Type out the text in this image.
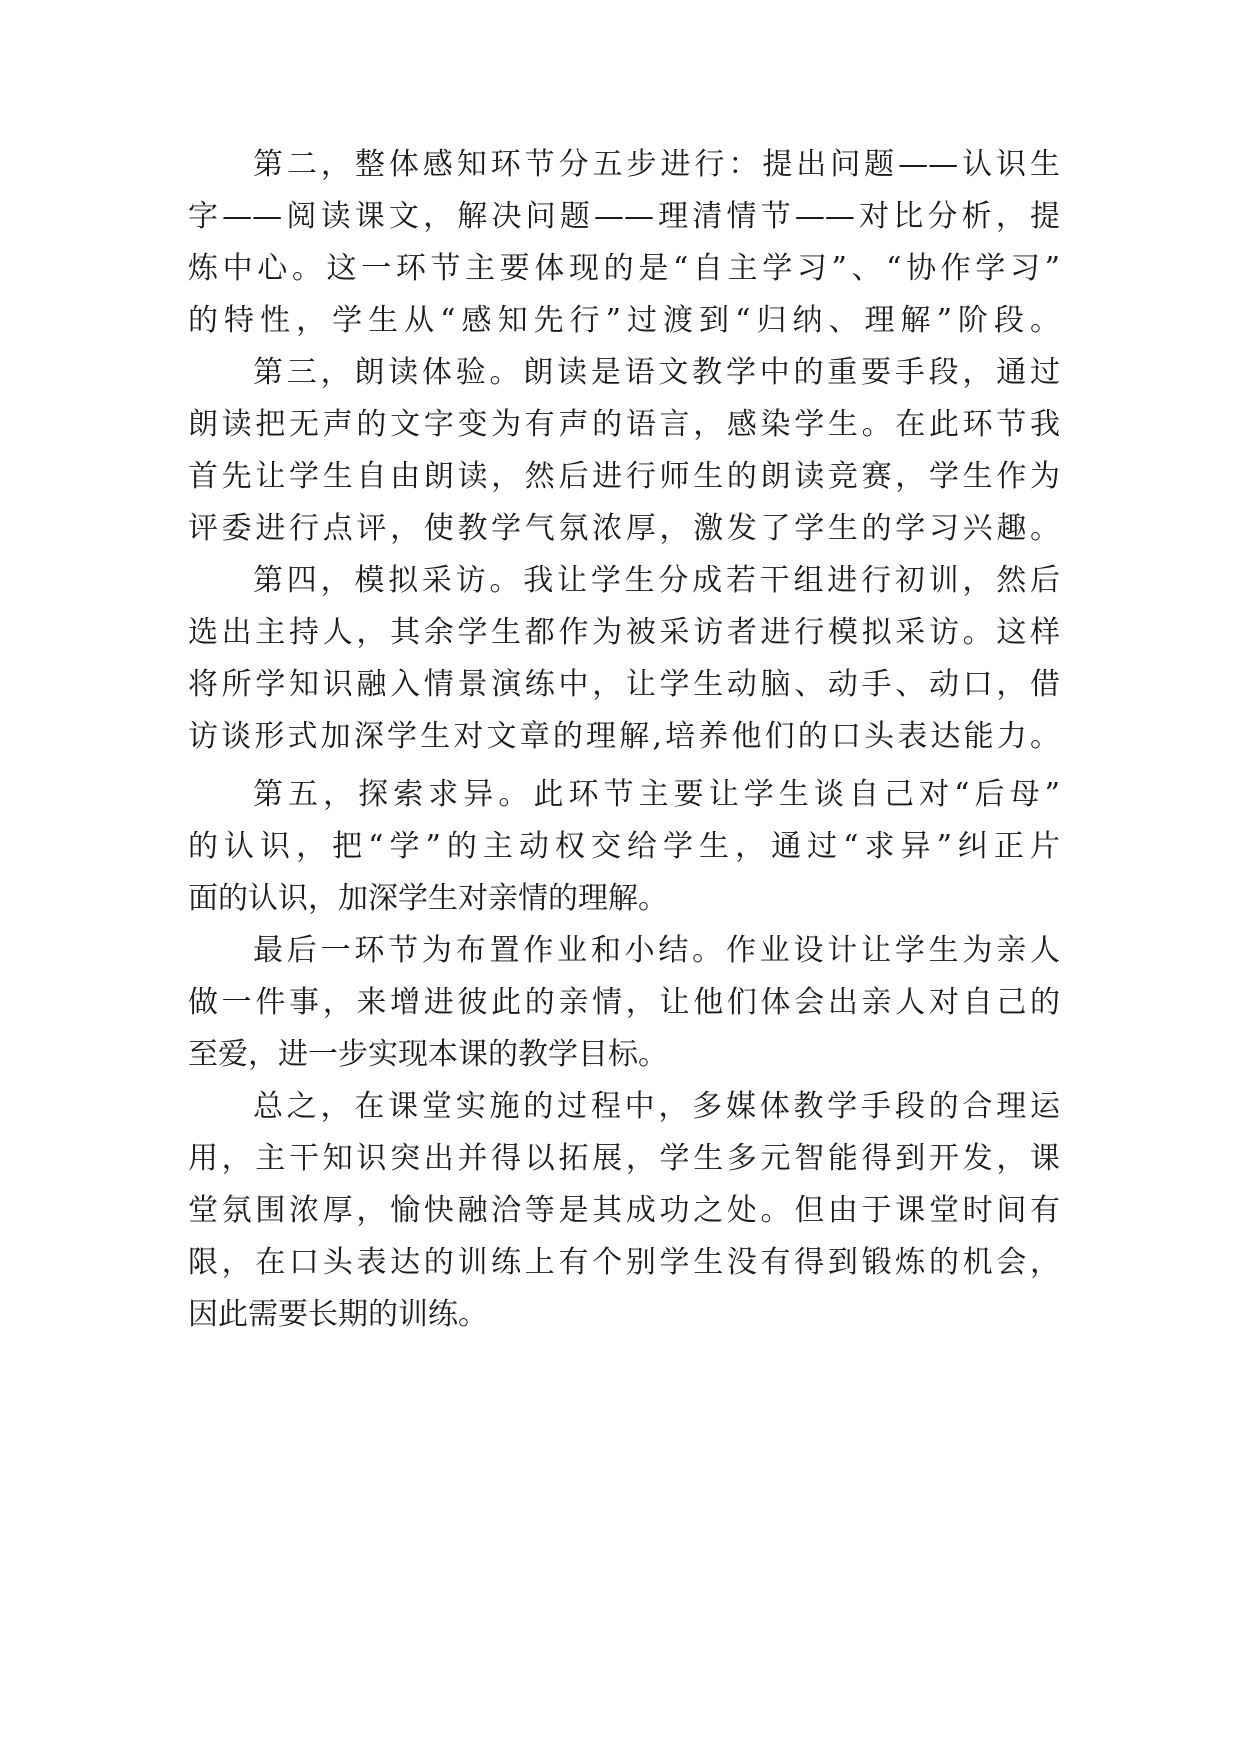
第二，整体感知环节分五步进行：提出问题——认识生
字——阅读课文，解决问题——理清情节——对比分析，提
炼中心。这一环节主要体现的是“自主学习”、“协作学习”
的特性，学生从“感知先行”过渡到“归纳、理解”阶段。
第三，朗读体验。朗读是语文教学中的重要手段，通过
朗读把无声的文字变为有声的语言，感染学生。在此环节我
首先让学生自由朗读，然后进行师生的朗读竞赛，学生作为
评委进行点评，使教学气氛浓厚，激发了学生的学习兴趣。
第四，模拟采访。我让学生分成若干组进行初训，然后
选出主持人，其余学生都作为被采访者进行模拟采访。这样
将所学知识融入情景演练中，让学生动脑、动手、动口，借
访谈形式加深学生对文章的理解,培养他们的口头表达能力。
第五，探索求异。此环节主要让学生谈自己对“后母”
的认识，把“学”的主动权交给学生，通过“求异”纠正片
面的认识，加深学生对亲情的理解。
最后一环节为布置作业和小结。作业设计让学生为亲人
做一件事，来增进彼此的亲情，让他们体会出亲人对自己的
至爱，进一步实现本课的教学目标。
总之，在课堂实施的过程中，多媒体教学手段的合理运
用，主干知识突出并得以拓展，学生多元智能得到开发，课
堂氛围浓厚，愉快融洽等是其成功之处。但由于课堂时间有
限，在口头表达的训练上有个别学生没有得到锻炼的机会，
因此需要长期的训练。
